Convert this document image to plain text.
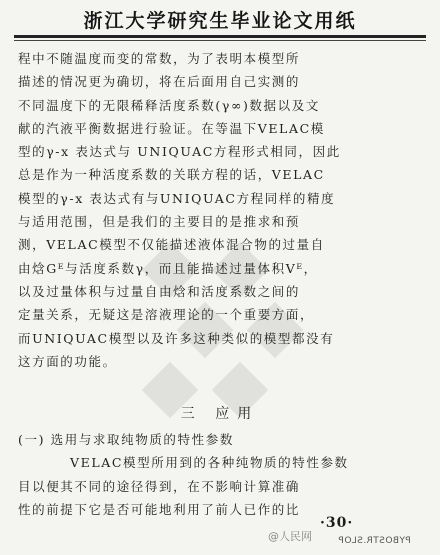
浙江大学研究生毕业论文用纸
程中不随温度而变的常数，为了表明本模型所
描述的情况更为确切，将在后面用自己实测的
不同温度下的无限稀释活度系数(γ∞)数据以及文
献的汽液平衡数据进行验证。在等温下VELAC模
型的γ-x 表达式与 UNIQUAC方程形式相同，因此
总是作为一种活度系数的关联方程的话，VELAC
模型的γ-x 表达式有与UNIQUAC方程同样的精度
与适用范围，但是我们的主要目的是推求和预
测，VELAC模型不仅能描述液体混合物的过量自
由焓Gᴱ与活度系数γ，而且能描述过量体积Vᴱ，
以及过量体积与过量自由焓和活度系数之间的
定量关系，无疑这是溶液理论的一个重要方面，
而UNIQUAC模型以及许多这种类似的模型都没有
这方面的功能。
三 应用
(一) 选用与求取纯物质的特性参数
VELAC模型所用到的各种纯物质的特性参数
目以便其不同的途径得到，在不影响计算准确
性的前提下它是否可能地利用了前人已作的比
·30·
@人民网	PYBOSTR.SLOP
